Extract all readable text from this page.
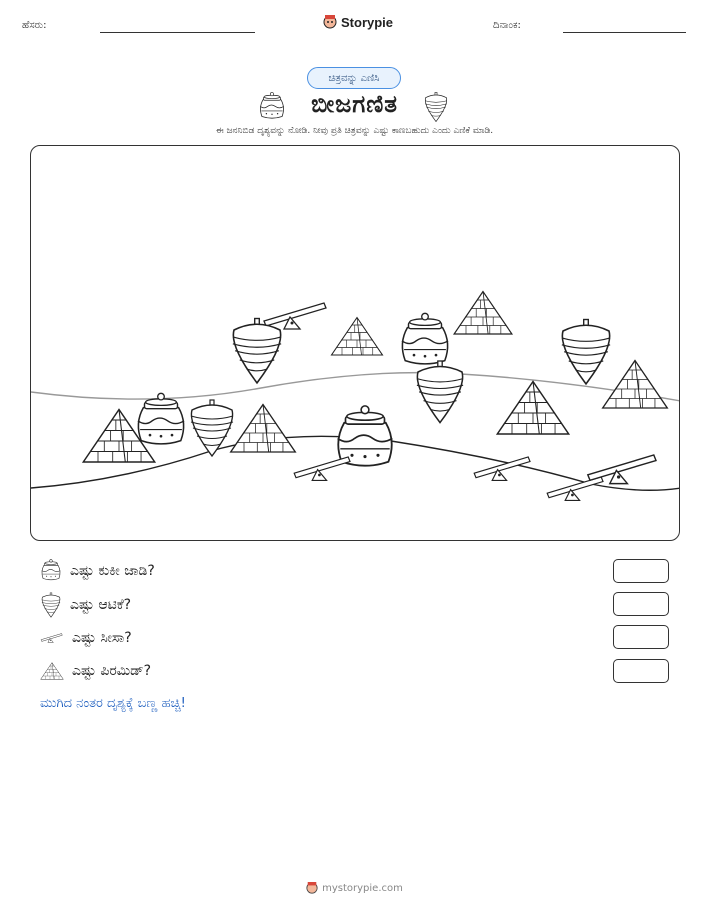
ಹೆಸರು:	Storypie	ದಿನಾಂಕ:
ಚಿತ್ರವನ್ನು ಎಣಿಸಿ
ಬೀಜಗಣಿತ
ಈ ಜನನಿಬಿಡ ದೃಶ್ಯವನ್ನು ನೋಡಿ. ನೀವು ಪ್ರತಿ ಚಿತ್ರವನ್ನು ಎಷ್ಟು ಕಾಣಬಹುದು ಎಂದು ಎಣಿಕೆ ಮಾಡಿ.
ಎಷ್ಟು ಕುಕೀ ಜಾಡಿ?
ಎಷ್ಟು ಆಟಿಕೆ?
ಎಷ್ಟು ಸೀಸಾ?
ಎಷ್ಟು ಪಿರಮಿಡ್?
ಮುಗಿದ ನಂತರ ದೃಶ್ಯಕ್ಕೆ ಬಣ್ಣ ಹಚ್ಚಿ!
mystorypie.com
